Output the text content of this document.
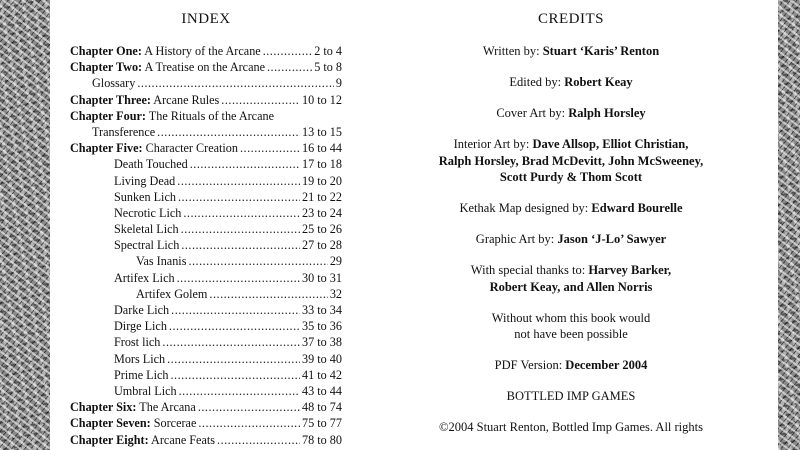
INDEX
Chapter One: A History of the Arcane .....	2 to 4
Chapter Two: A Treatise on the Arcane .....	5 to 8
Glossary .....	9
Chapter Three: Arcane Rules .....	10 to 12
Chapter Four: The Rituals of the Arcane
Transference .....	13 to 15
Chapter Five: Character Creation .....	16 to 44
Death Touched .....	17 to 18
Living Dead .....	19 to 20
Sunken Lich .....	21 to 22
Necrotic Lich .....	23 to 24
Skeletal Lich .....	25 to 26
Spectral Lich .....	27 to 28
Vas Inanis .....	29
Artifex Lich .....	30 to 31
Artifex Golem .....	32
Darke Lich .....	33 to 34
Dirge Lich .....	35 to 36
Frost lich .....	37 to 38
Mors Lich .....	39 to 40
Prime Lich .....	41 to 42
Umbral Lich .....	43 to 44
Chapter Six: The Arcana .....	48 to 74
Chapter Seven: Sorcerae .....	75 to 77
Chapter Eight: Arcane Feats .....	78 to 80
CREDITS

Written by: Stuart ‘Karis’ Renton

Edited by: Robert Keay

Cover Art by: Ralph Horsley

Interior Art by: Dave Allsop, Elliot Christian,
Ralph Horsley, Brad McDevitt, John McSweeney,
Scott Purdy & Thom Scott

Kethak Map designed by: Edward Bourelle

Graphic Art by: Jason ‘J-Lo’ Sawyer

With special thanks to: Harvey Barker,
Robert Keay, and Allen Norris

Without whom this book would
not have been possible

PDF Version: December 2004

BOTTLED IMP GAMES

©2004 Stuart Renton, Bottled Imp Games. All rights
